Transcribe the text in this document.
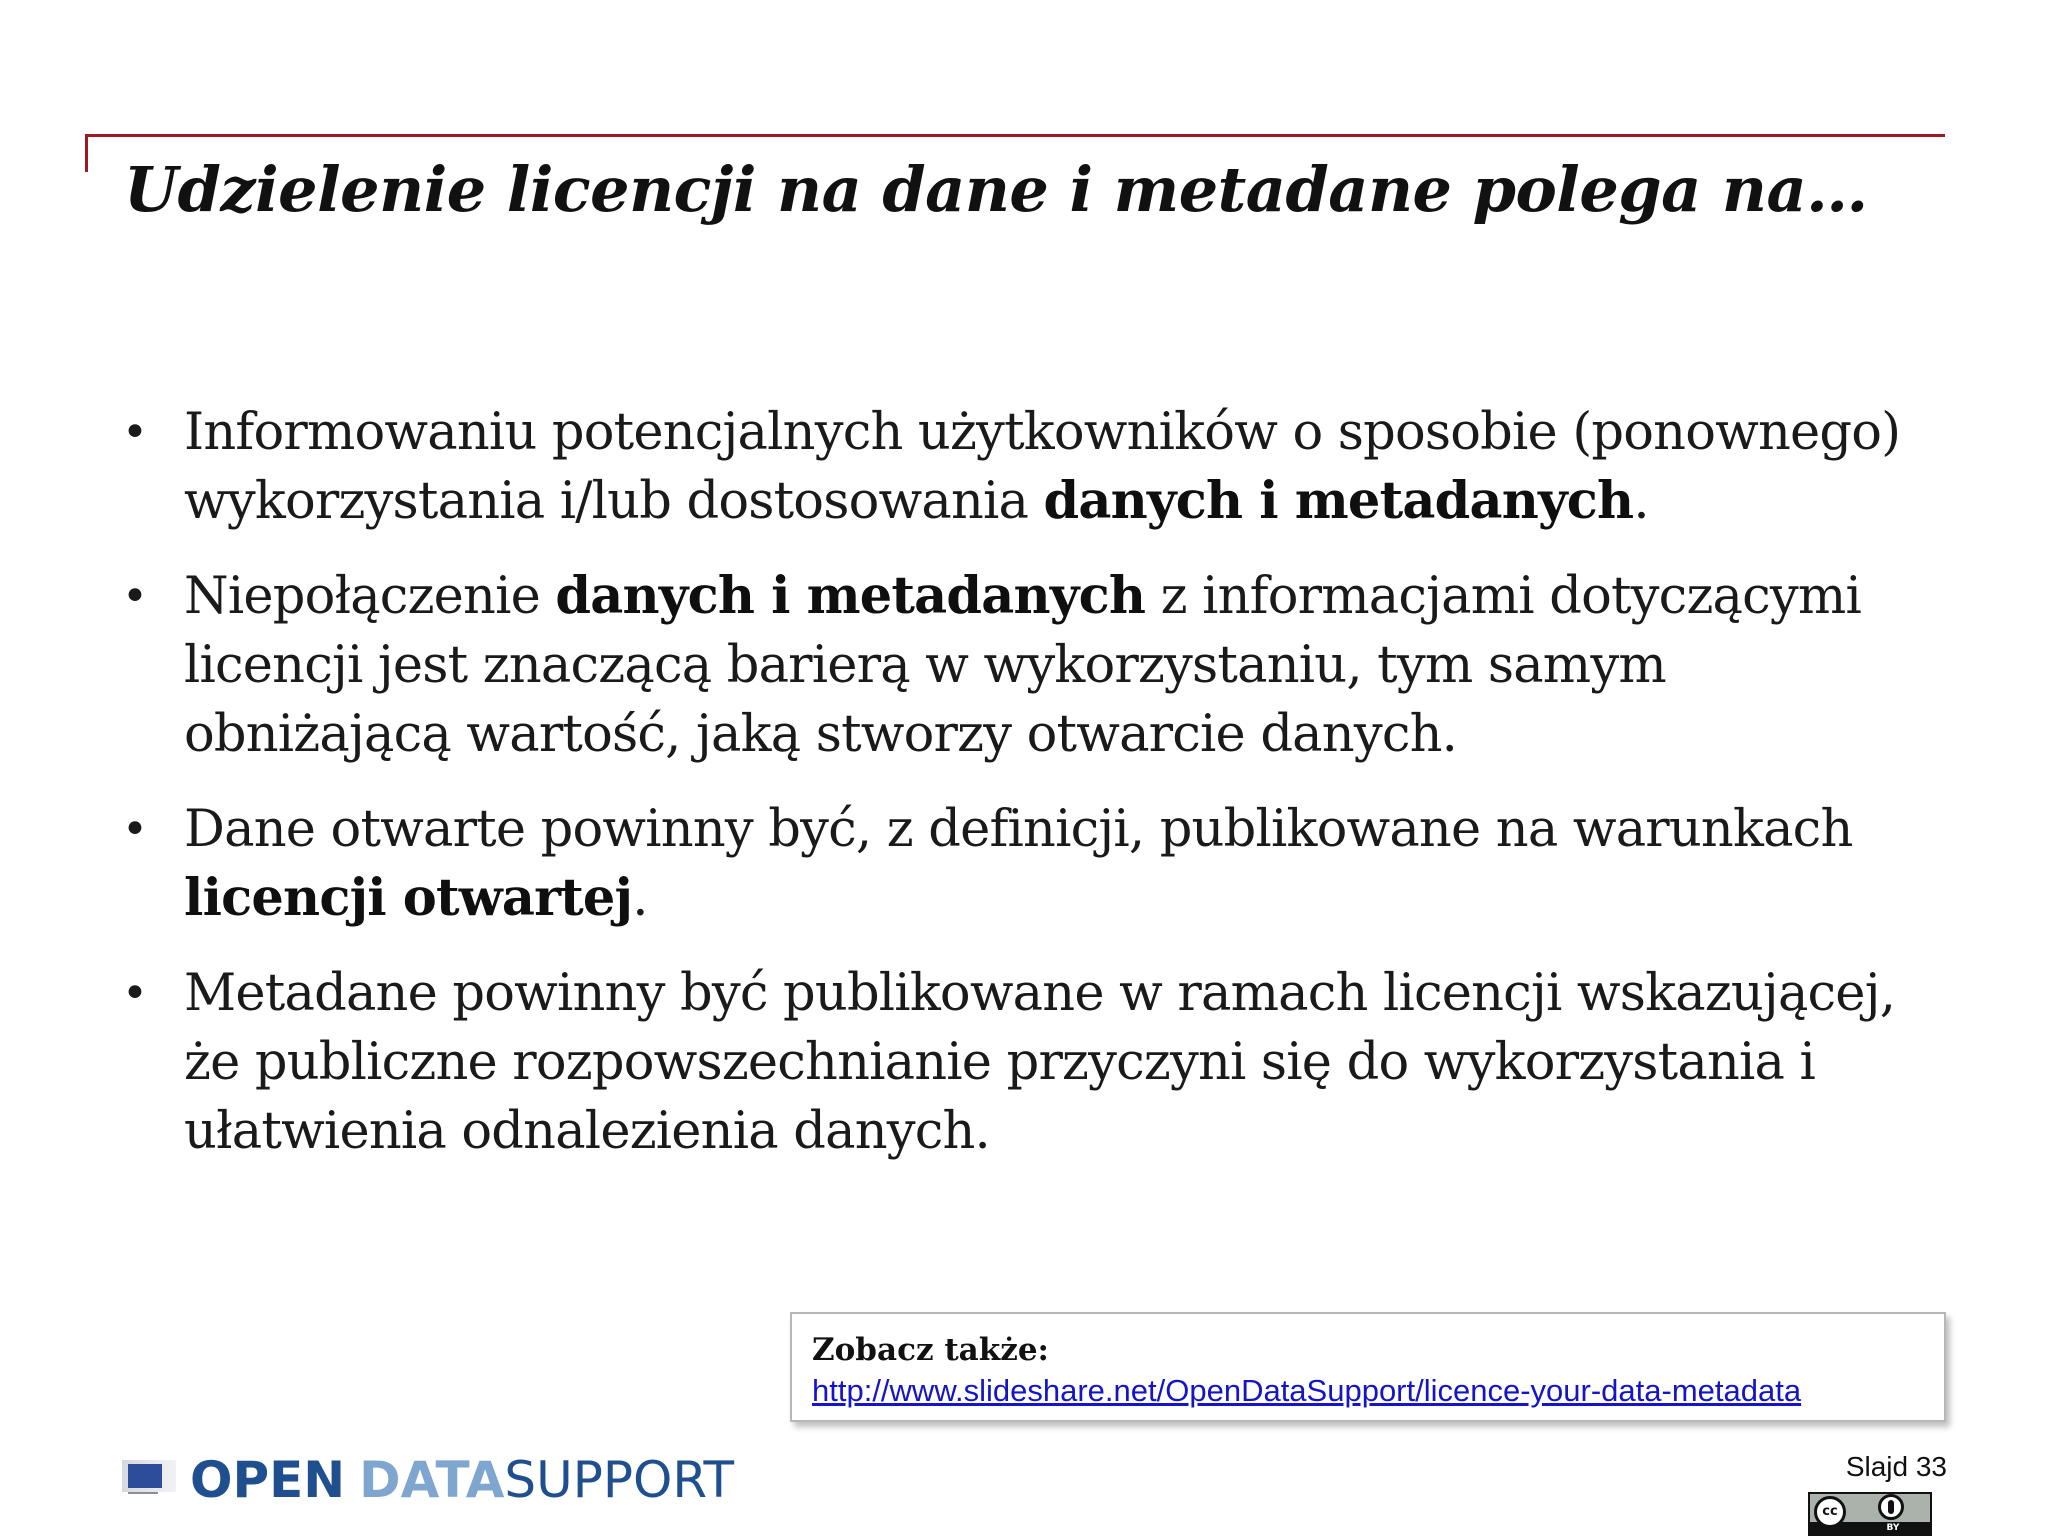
Udzielenie licencji na dane i metadane polega na…
• Informowaniu potencjalnych użytkowników o sposobie (ponownego) wykorzystania i/lub dostosowania danych i metadanych.
• Niepołączenie danych i metadanych z informacjami dotyczącymi licencji jest znaczącą barierą w wykorzystaniu, tym samym obniżającą wartość, jaką stworzy otwarcie danych.
• Dane otwarte powinny być, z definicji, publikowane na warunkach licencji otwartej.
• Metadane powinny być publikowane w ramach licencji wskazującej, że publiczne rozpowszechnianie przyczyni się do wykorzystania i ułatwienia odnalezienia danych.
Zobacz także:
http://www.slideshare.net/OpenDataSupport/licence-your-data-metadata
OPEN DATA SUPPORT	Slajd 33
cc
BY
